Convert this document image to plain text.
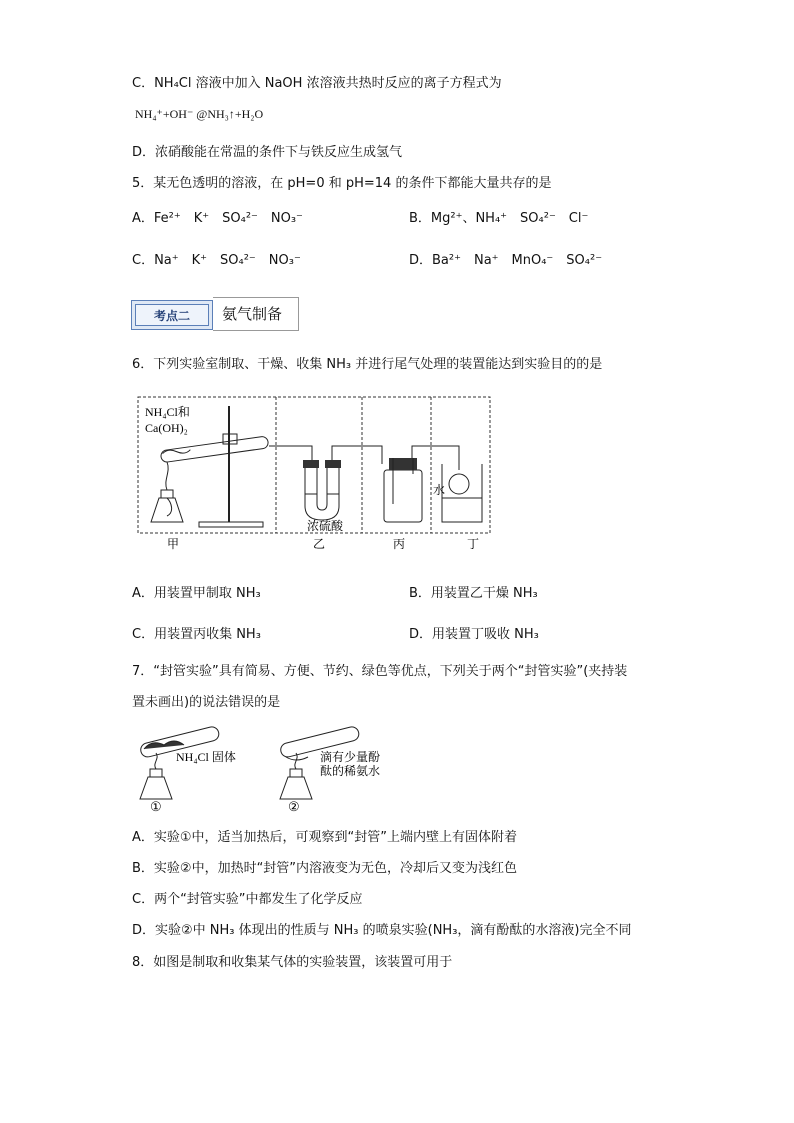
C．NH₄Cl 溶液中加入 NaOH 浓溶液共热时反应的离子方程式为
NH₄⁺+OH⁻ @NH₃↑+H₂O
D．浓硝酸能在常温的条件下与铁反应生成氢气
5．某无色透明的溶液，在 pH=0 和 pH=14 的条件下都能大量共存的是
A．Fe²⁺　K⁺　SO₄²⁻　NO₃⁻	B．Mg²⁺、NH₄⁺　SO₄²⁻　Cl⁻
C．Na⁺　K⁺　SO₄²⁻　NO₃⁻	D．Ba²⁺　Na⁺　MnO₄⁻　SO₄²⁻
考点二	氨气制备
6．下列实验室制取、干燥、收集 NH₃ 并进行尾气处理的装置能达到实验目的的是
NH₄Cl和
Ca(OH)₂
浓硫酸
水
甲	乙	丙	丁
A．用装置甲制取 NH₃	B．用装置乙干燥 NH₃
C．用装置丙收集 NH₃	D．用装置丁吸收 NH₃
7．“封管实验”具有简易、方便、节约、绿色等优点，下列关于两个“封管实验”(夹持装
置未画出)的说法错误的是
NH₄Cl 固体
①
滴有少量酚
酞的稀氨水
②
A．实验①中，适当加热后，可观察到“封管”上端内壁上有固体附着
B．实验②中，加热时“封管”内溶液变为无色，冷却后又变为浅红色
C．两个“封管实验”中都发生了化学反应
D．实验②中 NH₃ 体现出的性质与 NH₃ 的喷泉实验(NH₃，滴有酚酞的水溶液)完全不同
8．如图是制取和收集某气体的实验装置，该装置可用于
